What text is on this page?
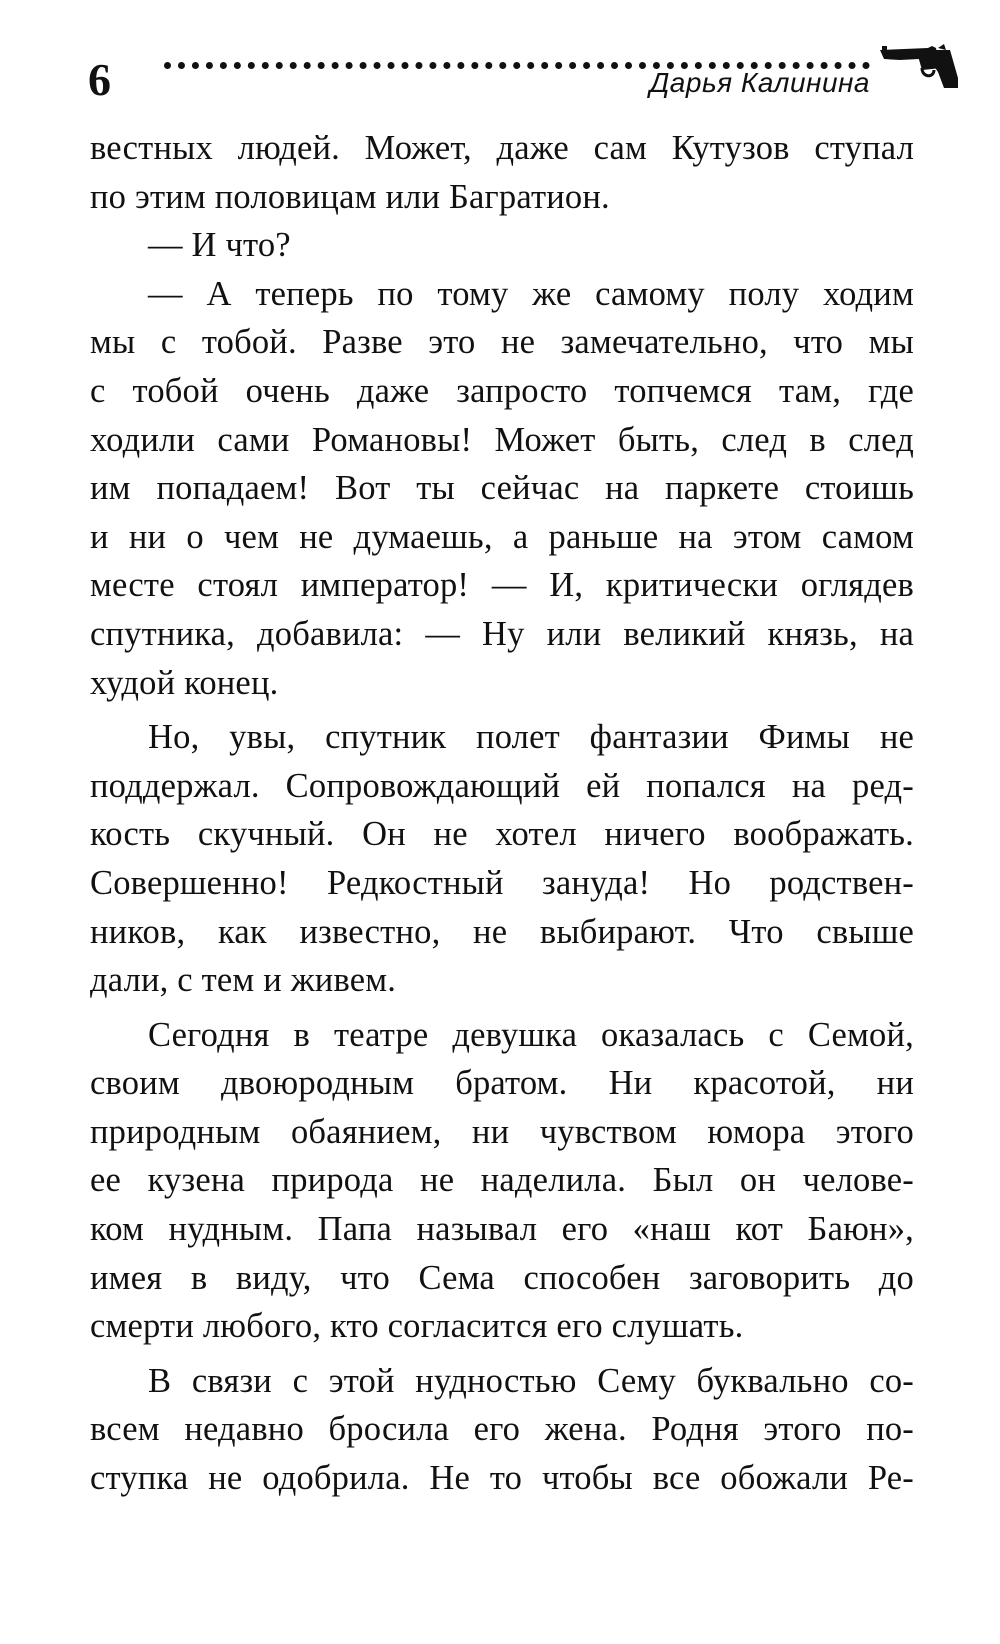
6	Дарья Калинина
вестных людей. Может, даже сам Кутузов ступал
по этим половицам или Багратион.
— И что?
— А теперь по тому же самому полу ходим
мы с тобой. Разве это не замечательно, что мы
с тобой очень даже запросто топчемся там, где
ходили сами Романовы! Может быть, след в след
им попадаем! Вот ты сейчас на паркете стоишь
и ни о чем не думаешь, а раньше на этом самом
месте стоял император! — И, критически оглядев
спутника, добавила: — Ну или великий князь, на
худой конец.
Но, увы, спутник полет фантазии Фимы не
поддержал. Сопровождающий ей попался на ред-
кость скучный. Он не хотел ничего воображать.
Совершенно! Редкостный зануда! Но родствен-
ников, как известно, не выбирают. Что свыше
дали, с тем и живем.
Сегодня в театре девушка оказалась с Семой,
своим двоюродным братом. Ни красотой, ни
природным обаянием, ни чувством юмора этого
ее кузена природа не наделила. Был он челове-
ком нудным. Папа называл его «наш кот Баюн»,
имея в виду, что Сема способен заговорить до
смерти любого, кто согласится его слушать.
В связи с этой нудностью Сему буквально со-
всем недавно бросила его жена. Родня этого по-
ступка не одобрила. Не то чтобы все обожали Ре-
